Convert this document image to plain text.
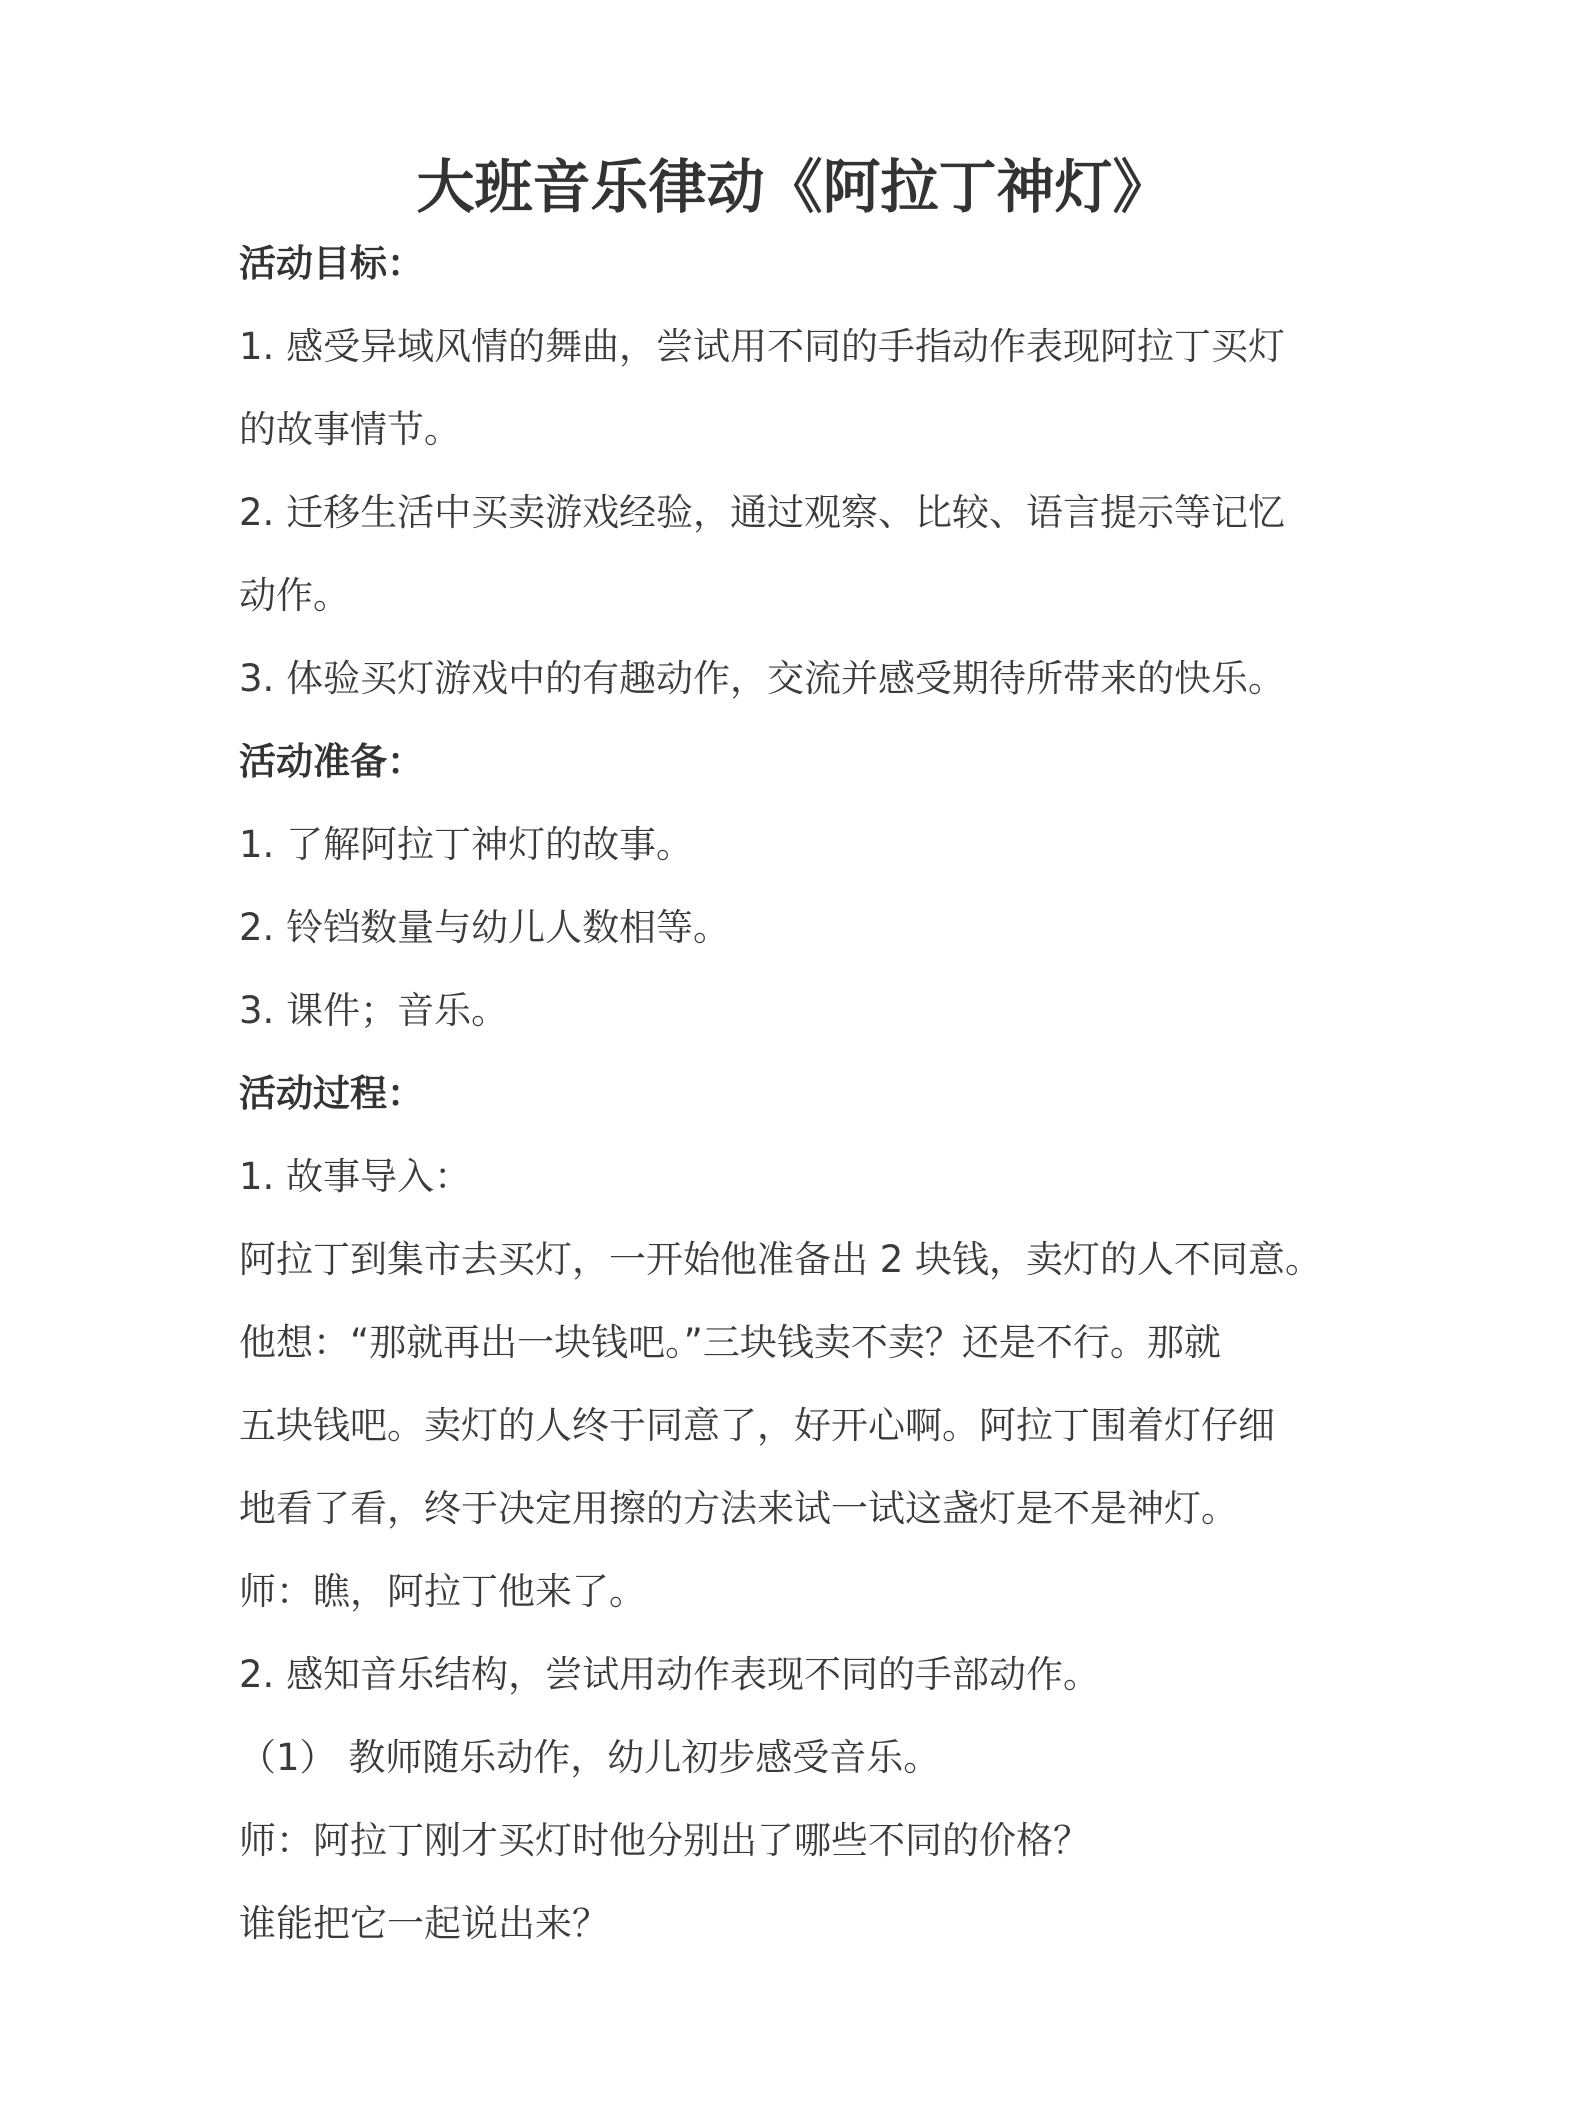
大班音乐律动《阿拉丁神灯》
活动目标：
1. 感受异域风情的舞曲，尝试用不同的手指动作表现阿拉丁买灯
的故事情节。
2. 迁移生活中买卖游戏经验，通过观察、比较、语言提示等记忆
动作。
3. 体验买灯游戏中的有趣动作，交流并感受期待所带来的快乐。
活动准备：
1. 了解阿拉丁神灯的故事。
2. 铃铛数量与幼儿人数相等。
3. 课件；音乐。
活动过程：
1. 故事导入：
阿拉丁到集市去买灯，一开始他准备出 2 块钱，卖灯的人不同意。
他想：“那就再出一块钱吧。”三块钱卖不卖？还是不行。那就
五块钱吧。卖灯的人终于同意了，好开心啊。阿拉丁围着灯仔细
地看了看，终于决定用擦的方法来试一试这盏灯是不是神灯。
师：瞧，阿拉丁他来了。
2. 感知音乐结构，尝试用动作表现不同的手部动作。
（1） 教师随乐动作，幼儿初步感受音乐。
师：阿拉丁刚才买灯时他分别出了哪些不同的价格？
谁能把它一起说出来？
